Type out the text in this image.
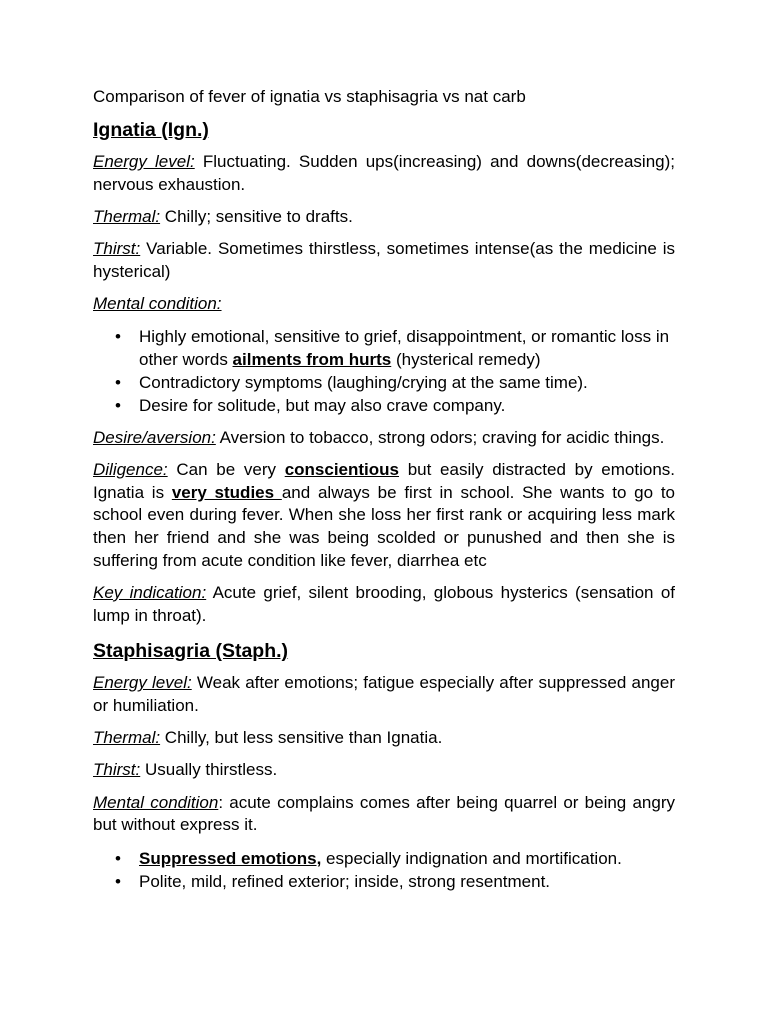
Comparison of fever of ignatia vs staphisagria vs nat carb
Ignatia (Ign.)

Energy level: Fluctuating. Sudden ups(increasing) and downs(decreasing); nervous exhaustion.

Thermal: Chilly; sensitive to drafts.

Thirst: Variable. Sometimes thirstless, sometimes intense(as the medicine is hysterical)

Mental condition:

• Highly emotional, sensitive to grief, disappointment, or romantic loss in other words ailments from hurts (hysterical remedy)
• Contradictory symptoms (laughing/crying at the same time).
• Desire for solitude, but may also crave company.

Desire/aversion: Aversion to tobacco, strong odors; craving for acidic things.

Diligence: Can be very conscientious but easily distracted by emotions. Ignatia is very studies and always be first in school. She wants to go to school even during fever. When she loss her first rank or acquiring less mark then her friend and she was being scolded or punushed and then she is suffering from acute condition like fever, diarrhea etc

Key indication: Acute grief, silent brooding, globous hysterics (sensation of lump in throat).

Staphisagria (Staph.)

Energy level: Weak after emotions; fatigue especially after suppressed anger or humiliation.

Thermal: Chilly, but less sensitive than Ignatia.

Thirst: Usually thirstless.

Mental condition: acute complains comes after being quarrel or being angry but without express it.

• Suppressed emotions, especially indignation and mortification.
• Polite, mild, refined exterior; inside, strong resentment.
